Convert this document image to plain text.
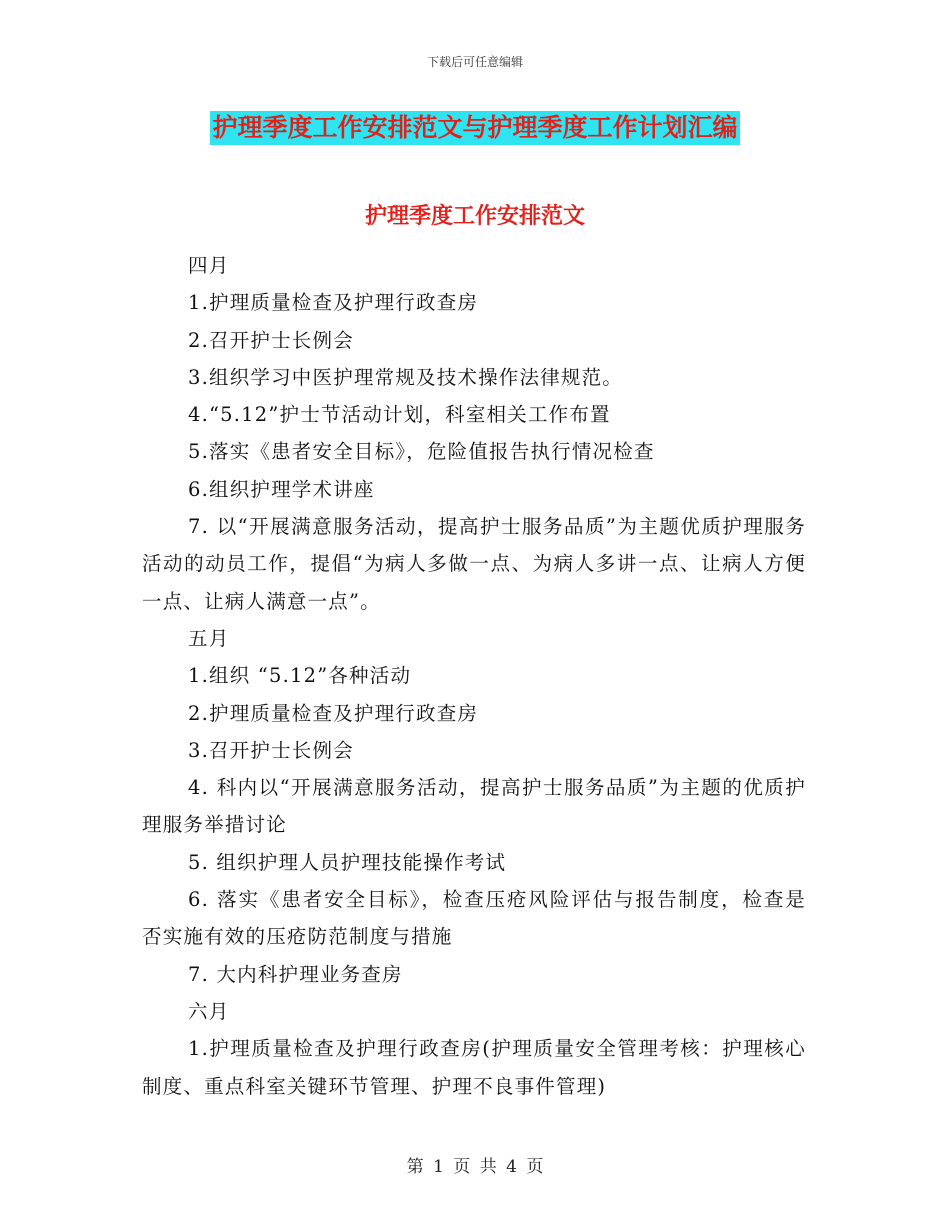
下载后可任意编辑
护理季度工作安排范文与护理季度工作计划汇编
护理季度工作安排范文

四月

1.护理质量检查及护理行政查房

2.召开护士长例会

3.组织学习中医护理常规及技术操作法律规范。

4.“5.12”护士节活动计划，科室相关工作布置

5.落实《患者安全目标》，危险值报告执行情况检查

6.组织护理学术讲座

7. 以“开展满意服务活动，提高护士服务品质”为主题优质护理服务活动的动员工作，提倡“为病人多做一点、为病人多讲一点、让病人方便一点、让病人满意一点”。

五月

1.组织 “5.12”各种活动

2.护理质量检查及护理行政查房

3.召开护士长例会

4. 科内以“开展满意服务活动，提高护士服务品质”为主题的优质护理服务举措讨论

5. 组织护理人员护理技能操作考试

6. 落实《患者安全目标》，检查压疮风险评估与报告制度，检查是否实施有效的压疮防范制度与措施

7. 大内科护理业务查房

六月

1.护理质量检查及护理行政查房(护理质量安全管理考核：护理核心制度、重点科室关键环节管理、护理不良事件管理)

第 1 页 共 4 页
